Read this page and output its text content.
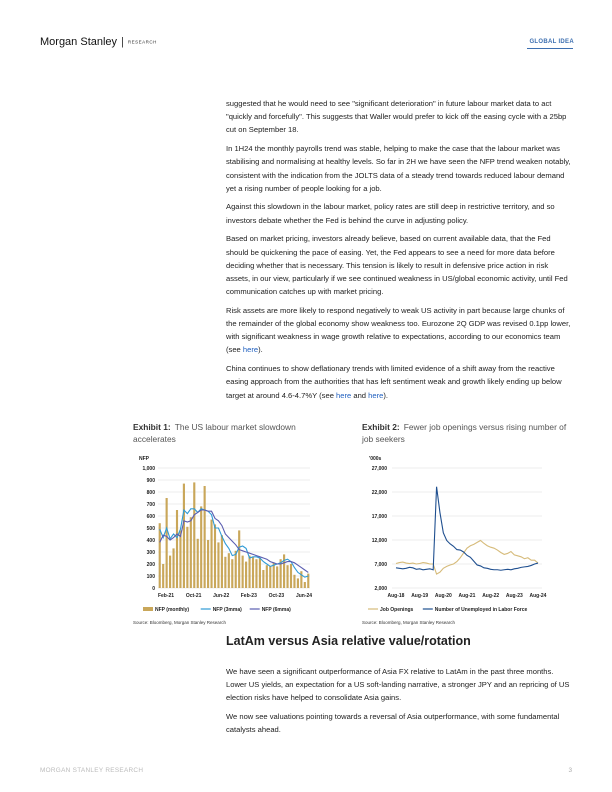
Morgan Stanley | RESEARCH	GLOBAL IDEA

suggested that he would need to see "significant deterioration" in future labour market data to act "quickly and forcefully". This suggests that Waller would prefer to kick off the easing cycle with a 25bp cut on September 18.

In 1H24 the monthly payrolls trend was stable, helping to make the case that the labour market was stabilising and normalising at healthy levels. So far in 2H we have seen the NFP trend weaken notably, consistent with the indication from the JOLTS data of a steady trend towards reduced labour demand yet a rising number of people looking for a job.

Against this slowdown in the labour market, policy rates are still deep in restrictive territory, and so investors debate whether the Fed is behind the curve in adjusting policy.

Based on market pricing, investors already believe, based on current available data, that the Fed should be quickening the pace of easing. Yet, the Fed appears to see a need for more data before deciding whether that is necessary. This tension is likely to result in defensive price action in risk assets, in our view, particularly if we see continued weakness in US/global economic activity, until Fed communication catches up with market pricing.

Risk assets are more likely to respond negatively to weak US activity in part because large chunks of the remainder of the global economy show weakness too. Eurozone 2Q GDP was revised 0.1pp lower, with significant weakness in wage growth relative to expectations, according to our economics team (see here).

China continues to show deflationary trends with limited evidence of a shift away from the reactive easing approach from the authorities that has left sentiment weak and growth likely ending up below target at around 4.6-4.7%Y (see here and here).

Exhibit 1: The US labour market slowdown accelerates
Exhibit 2: Fewer job openings versus rising number of job seekers
NFP
0
100
200
300
400
500
600
700
800
900
1,000
Feb-21 Oct-21 Jun-22 Feb-23 Oct-23 Jun-24
NFP (monthly)	NFP (3mma)	NFP (6mma)
'000s
2,000
7,000
12,000
17,000
22,000
27,000
Aug-18 Aug-19 Aug-20 Aug-21 Aug-22 Aug-23 Aug-24
Job Openings	Number of Unemployed in Labor Force
Source: Bloomberg, Morgan Stanley Research	Source: Bloomberg, Morgan Stanley Research
LatAm versus Asia relative value/rotation

We have seen a significant outperformance of Asia FX relative to LatAm in the past three months. Lower US yields, an expectation for a US soft-landing narrative, a stronger JPY and an repricing of US election risks have helped to consolidate Asia gains.

We now see valuations pointing towards a reversal of Asia outperformance, with some fundamental catalysts ahead.

MORGAN STANLEY RESEARCH	3
